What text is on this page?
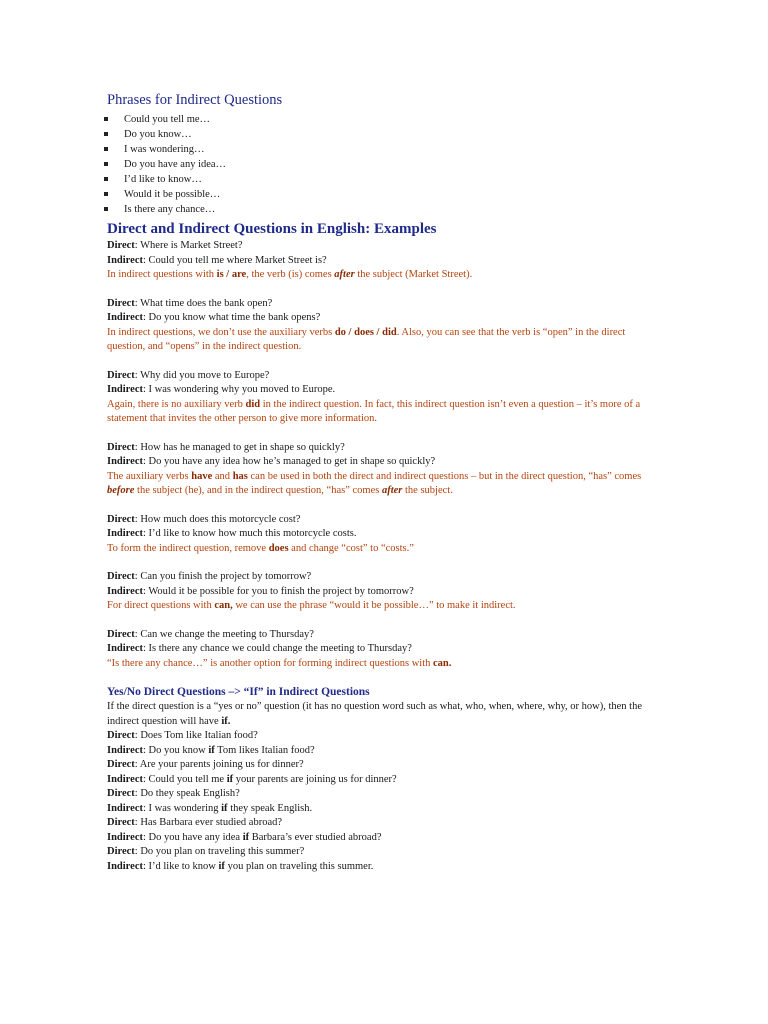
Phrases for Indirect Questions
Could you tell me…
Do you know…
I was wondering…
Do you have any idea…
I’d like to know…
Would it be possible…
Is there any chance…
Direct and Indirect Questions in English: Examples

Direct: Where is Market Street?

Indirect: Could you tell me where Market Street is?

In indirect questions with is / are, the verb (is) comes after the subject (Market Street).

Direct: What time does the bank open?

Indirect: Do you know what time the bank opens?

In indirect questions, we don’t use the auxiliary verbs do / does / did. Also, you can see that the verb is “open” in the direct question, and “opens” in the indirect question.

Direct: Why did you move to Europe?

Indirect: I was wondering why you moved to Europe.

Again, there is no auxiliary verb did in the indirect question. In fact, this indirect question isn’t even a question – it’s more of a statement that invites the other person to give more information.

Direct: How has he managed to get in shape so quickly?

Indirect: Do you have any idea how he’s managed to get in shape so quickly?

The auxiliary verbs have and has can be used in both the direct and indirect questions – but in the direct question, “has” comes before the subject (he), and in the indirect question, “has” comes after the subject.

Direct: How much does this motorcycle cost?

Indirect: I’d like to know how much this motorcycle costs.

To form the indirect question, remove does and change “cost” to “costs.”

Direct: Can you finish the project by tomorrow?

Indirect: Would it be possible for you to finish the project by tomorrow?

For direct questions with can, we can use the phrase “would it be possible…” to make it indirect.

Direct: Can we change the meeting to Thursday?

Indirect: Is there any chance we could change the meeting to Thursday?

“Is there any chance…” is another option for forming indirect questions with can.

Yes/No Direct Questions –> “If” in Indirect Questions

If the direct question is a “yes or no” question (it has no question word such as what, who, when, where, why, or how), then the indirect question will have if.

Direct: Does Tom like Italian food?

Indirect: Do you know if Tom likes Italian food?

Direct: Are your parents joining us for dinner?

Indirect: Could you tell me if your parents are joining us for dinner?

Direct: Do they speak English?

Indirect: I was wondering if they speak English.

Direct: Has Barbara ever studied abroad?

Indirect: Do you have any idea if Barbara’s ever studied abroad?

Direct: Do you plan on traveling this summer?

Indirect: I’d like to know if you plan on traveling this summer.
